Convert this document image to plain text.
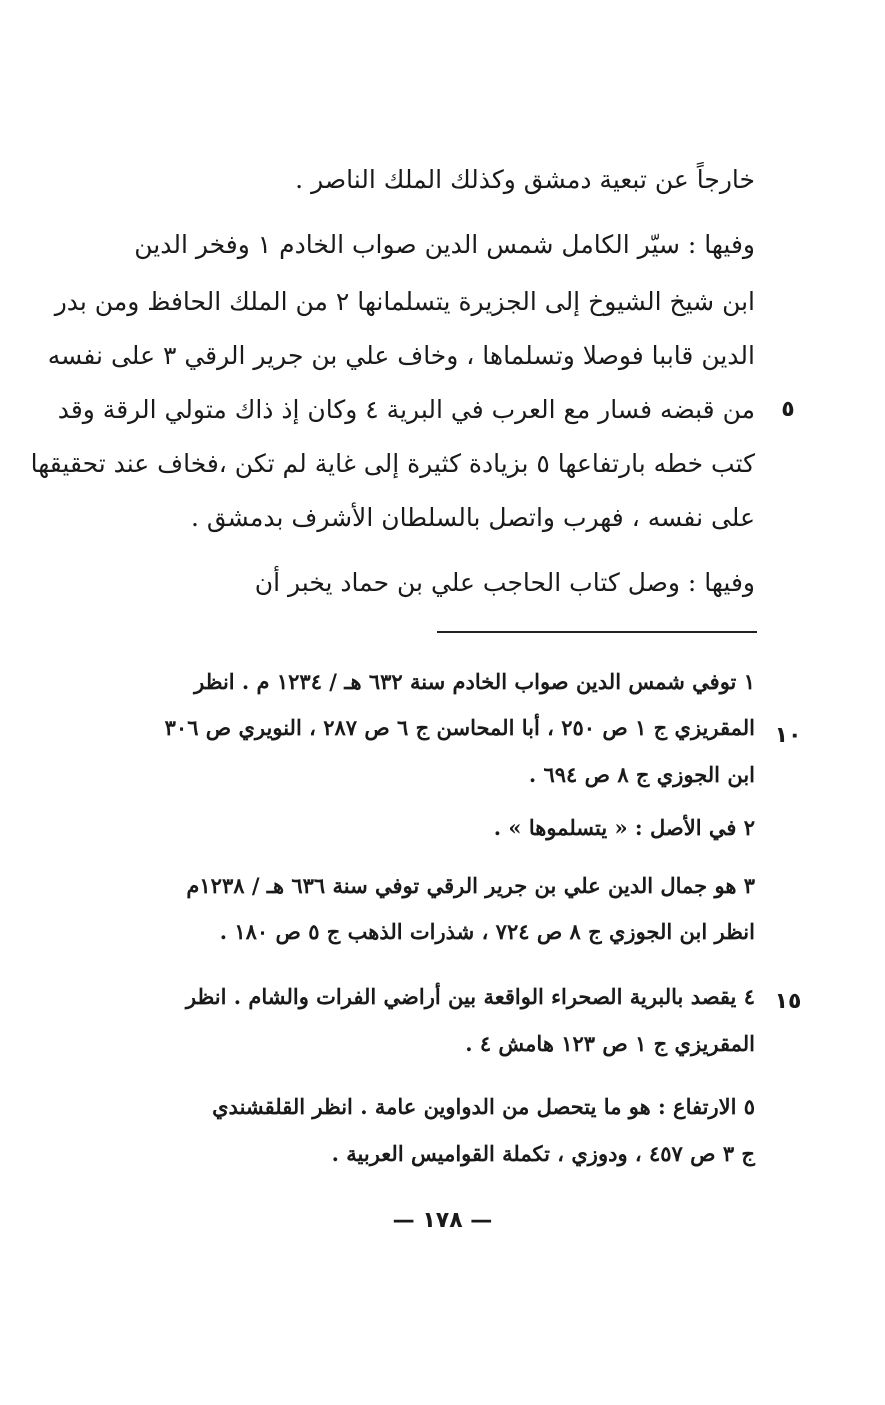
خارجاً عن تبعية دمشق وكذلك الملك الناصر .
وفيها : سيّر الكامل شمس الدين صواب الخادم ١ وفخر الدين
ابن شيخ الشيوخ إلى الجزيرة يتسلمانها ٢ من الملك الحافظ ومن بدر
الدين قاببا فوصلا وتسلماها ، وخاف علي بن جرير الرقي ٣ على نفسه
من قبضه فسار مع العرب في البرية ٤ وكان إذ ذاك متولي الرقة وقد
كتب خطه بارتفاعها ٥ بزيادة كثيرة إلى غاية لم تكن ،فخاف عند تحقيقها
على نفسه ، فهرب واتصل بالسلطان الأشرف بدمشق .
وفيها : وصل كتاب الحاجب علي بن حماد يخبر أن
٥
١ توفي شمس الدين صواب الخادم سنة ٦٣٢ هـ / ١٢٣٤ م . انظر
المقريزي ج ١ ص ٢٥٠ ، أبا المحاسن ج ٦ ص ٢٨٧ ، النويري ص ٣٠٦
ابن الجوزي ج ٨ ص ٦٩٤ .
٢ في الأصل : « يتسلموها » .
٣ هو جمال الدين علي بن جرير الرقي توفي سنة ٦٣٦ هـ / ١٢٣٨م
انظر ابن الجوزي ج ٨ ص ٧٢٤ ، شذرات الذهب ج ٥ ص ١٨٠ .
٤ يقصد بالبرية الصحراء الواقعة بين أراضي الفرات والشام . انظر
المقريزي ج ١ ص ١٢٣ هامش ٤ .
٥ الارتفاع : هو ما يتحصل من الدواوين عامة . انظر القلقشندي
ج ٣ ص ٤٥٧ ، ودوزي ، تكملة القواميس العربية .
١٠
١٥
— ١٧٨ —
